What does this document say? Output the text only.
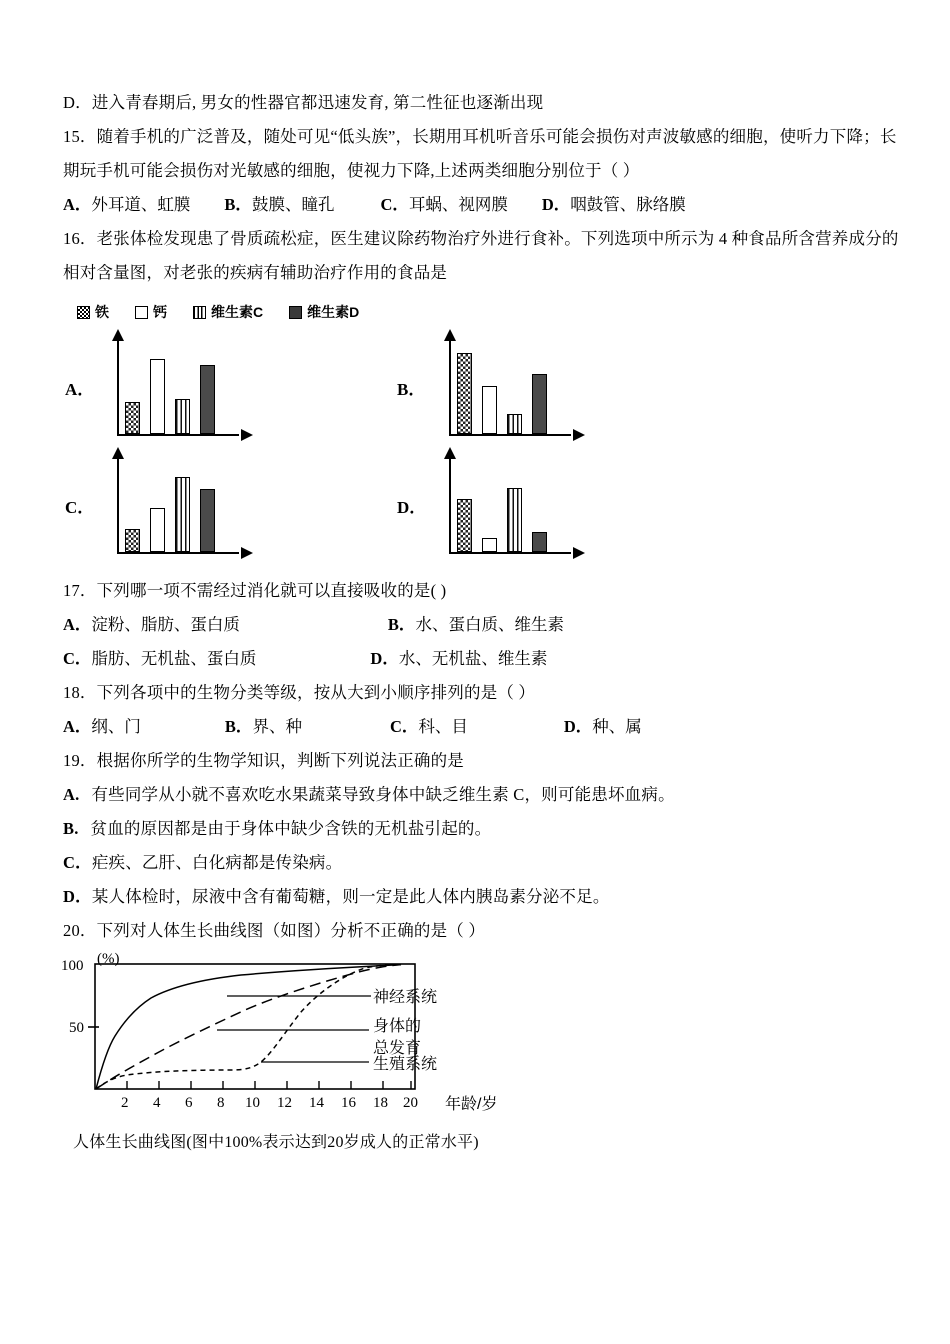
D．进入青春期后, 男女的性器官都迅速发育, 第二性征也逐渐出现
15．随着手机的广泛普及，随处可见“低头族”，长期用耳机听音乐可能会损伤对声波敏感的细胞，使听力下降；长期玩手机可能会损伤对光敏感的细胞，使视力下降,上述两类细胞分别位于（ ）
A．外耳道、虹膜 B．鼓膜、瞳孔	C．耳蜗、视网膜 D．咽鼓管、脉络膜
16．老张体检发现患了骨质疏松症，医生建议除药物治疗外进行食补。下列选项中所示为 4 种食品所含营养成分的相对含量图，对老张的疾病有辅助治疗作用的食品是
铁	钙	维生素C	维生素D
A．	B．
C．	D．
17．下列哪一项不需经过消化就可以直接吸收的是( )
A．淀粉、脂肪、蛋白质	B．水、蛋白质、维生素
C．脂肪、无机盐、蛋白质	D．水、无机盐、维生素
18．下列各项中的生物分类等级，按从大到小顺序排列的是（ ）
A．纲、门	B．界、种	C．科、目	D．种、属
19．根据你所学的生物学知识，判断下列说法正确的是
A. 有些同学从小就不喜欢吃水果蔬菜导致身体中缺乏维生素 C，则可能患坏血病。
B. 贫血的原因都是由于身体中缺少含铁的无机盐引起的。
C．疟疾、乙肝、白化病都是传染病。
D．某人体检时，尿液中含有葡萄糖，则一定是此人体内胰岛素分泌不足。
20．下列对人体生长曲线图（如图）分析不正确的是（ ）
100
50
(%)
2 4 6 8 10 12 14 16 18 20 年龄/岁
神经系统
身体的
总发育
生殖系统
人体生长曲线图(图中100%表示达到20岁成人的正常水平)
